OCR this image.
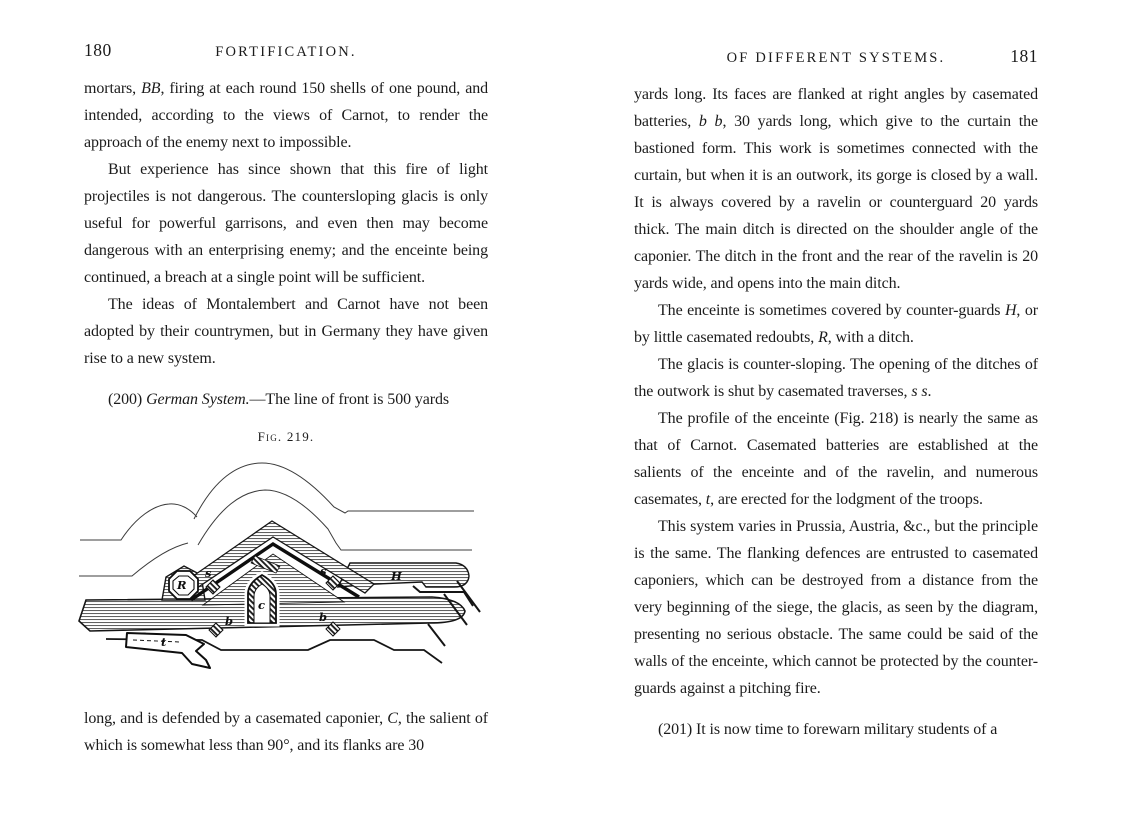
180	FORTIFICATION.

mortars, BB, firing at each round 150 shells of one pound, and intended, according to the views of Carnot, to render the approach of the enemy next to impossible.

But experience has since shown that this fire of light projectiles is not dangerous. The countersloping glacis is only useful for powerful garrisons, and even then may become dangerous with an enterprising enemy; and the enceinte being continued, a breach at a single point will be sufficient.

The ideas of Montalembert and Carnot have not been adopted by their countrymen, but in Germany they have given rise to a new system.

(200) German System.—The line of front is 500 yards

Fig. 219.
R
s	s
c
b	b
H
t

long, and is defended by a casemated caponier, C, the salient of which is somewhat less than 90°, and its flanks are 30

OF DIFFERENT SYSTEMS.	181

yards long. Its faces are flanked at right angles by casemated batteries, b b, 30 yards long, which give to the curtain the bastioned form. This work is sometimes connected with the curtain, but when it is an outwork, its gorge is closed by a wall. It is always covered by a ravelin or counterguard 20 yards thick. The main ditch is directed on the shoulder angle of the caponier. The ditch in the front and the rear of the ravelin is 20 yards wide, and opens into the main ditch.

The enceinte is sometimes covered by counter-guards H, or by little casemated redoubts, R, with a ditch.

The glacis is counter-sloping. The opening of the ditches of the outwork is shut by casemated traverses, s s.

The profile of the enceinte (Fig. 218) is nearly the same as that of Carnot. Casemated batteries are established at the salients of the enceinte and of the ravelin, and numerous casemates, t, are erected for the lodgment of the troops.

This system varies in Prussia, Austria, &c., but the principle is the same. The flanking defences are entrusted to casemated caponiers, which can be destroyed from a distance from the very beginning of the siege, the glacis, as seen by the diagram, presenting no serious obstacle. The same could be said of the walls of the enceinte, which cannot be protected by the counter-guards against a pitching fire.

(201) It is now time to forewarn military students of a
